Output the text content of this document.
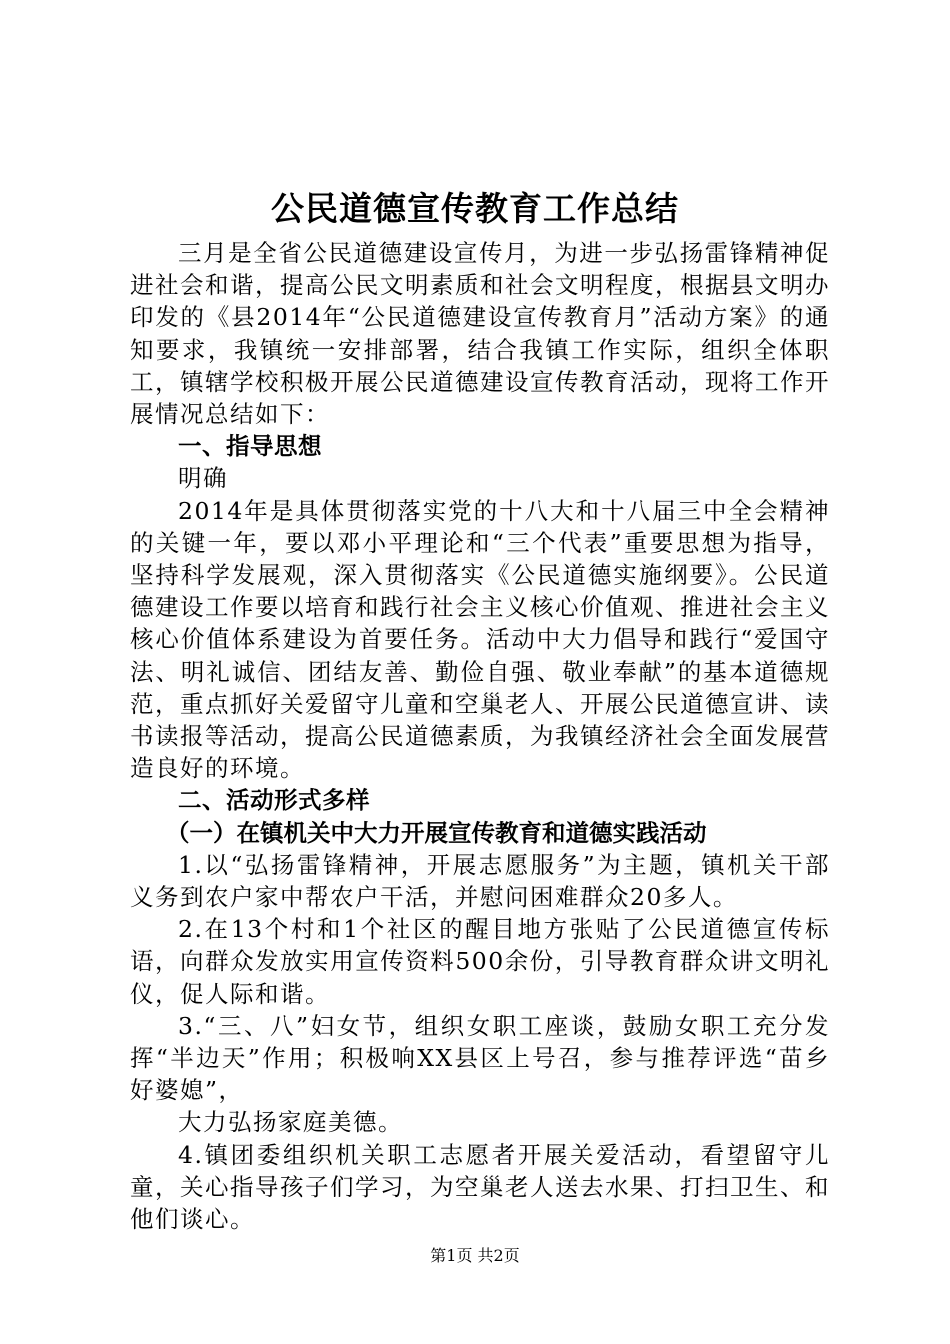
公民道德宣传教育工作总结

三月是全省公民道德建设宣传月，为进一步弘扬雷锋精神促进社会和谐，提高公民文明素质和社会文明程度，根据县文明办印发的《县2014年“公民道德建设宣传教育月”活动方案》的通知要求，我镇统一安排部署，结合我镇工作实际，组织全体职工，镇辖学校积极开展公民道德建设宣传教育活动，现将工作开展情况总结如下：

一、指导思想

明确

2014年是具体贯彻落实党的十八大和十八届三中全会精神的关键一年，要以邓小平理论和“三个代表”重要思想为指导，坚持科学发展观，深入贯彻落实《公民道德实施纲要》。公民道德建设工作要以培育和践行社会主义核心价值观、推进社会主义核心价值体系建设为首要任务。活动中大力倡导和践行“爱国守法、明礼诚信、团结友善、勤俭自强、敬业奉献”的基本道德规范，重点抓好关爱留守儿童和空巢老人、开展公民道德宣讲、读书读报等活动，提高公民道德素质，为我镇经济社会全面发展营造良好的环境。

二、活动形式多样

（一）在镇机关中大力开展宣传教育和道德实践活动

1.以“弘扬雷锋精神，开展志愿服务”为主题，镇机关干部义务到农户家中帮农户干活，并慰问困难群众20多人。

2.在13个村和1个社区的醒目地方张贴了公民道德宣传标语，向群众发放实用宣传资料500余份，引导教育群众讲文明礼仪，促人际和谐。

3.“三、八”妇女节，组织女职工座谈，鼓励女职工充分发挥“半边天”作用；积极响XX县区上号召，参与推荐评选“苗乡好婆媳”，

大力弘扬家庭美德。

4.镇团委组织机关职工志愿者开展关爱活动，看望留守儿童，关心指导孩子们学习，为空巢老人送去水果、打扫卫生、和他们谈心。

第1页 共2页
